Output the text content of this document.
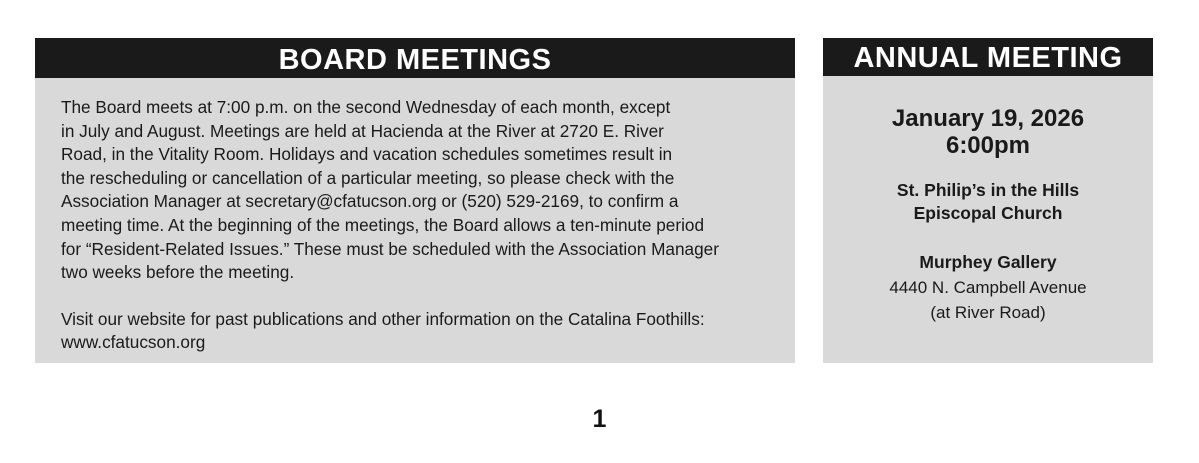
BOARD MEETINGS

The Board meets at 7:00 p.m. on the second Wednesday of each month, except
in July and August. Meetings are held at Hacienda at the River at 2720 E. River
Road, in the Vitality Room. Holidays and vacation schedules sometimes result in
the rescheduling or cancellation of a particular meeting, so please check with the
Association Manager at secretary@cfatucson.org or (520) 529-2169, to confirm a
meeting time. At the beginning of the meetings, the Board allows a ten-minute period
for “Resident-Related Issues.” These must be scheduled with the Association Manager
two weeks before the meeting.

Visit our website for past publications and other information on the Catalina Foothills:
www.cfatucson.org

ANNUAL MEETING
January 19, 2026
6:00pm
St. Philip’s in the Hills
Episcopal Church
Murphey Gallery
4440 N. Campbell Avenue
(at River Road)
1
